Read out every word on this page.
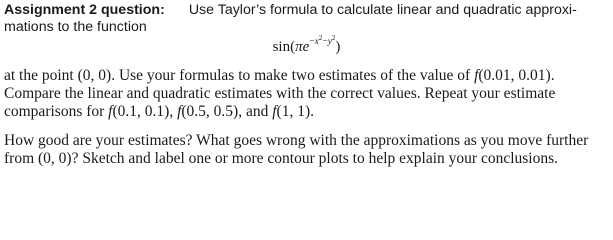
Assignment 2 question: Use Taylor’s formula to calculate linear and quadratic approxi-
mations to the function
$\sin(\pi e^{-x^2-y^2})$
at the point (0, 0). Use your formulas to make two estimates of the value of f(0.01, 0.01).
Compare the linear and quadratic estimates with the correct values. Repeat your estimate
comparisons for f(0.1, 0.1), f(0.5, 0.5), and f(1, 1).
How good are your estimates? What goes wrong with the approximations as you move further
from (0, 0)? Sketch and label one or more contour plots to help explain your conclusions.
